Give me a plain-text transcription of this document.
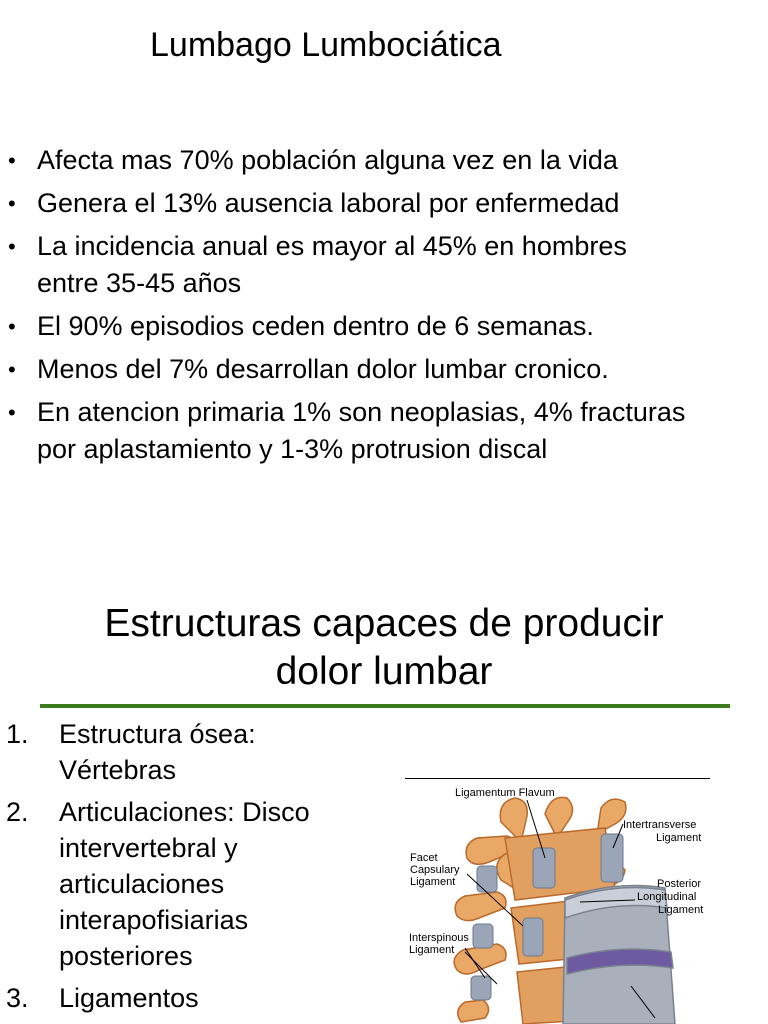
Lumbago Lumbociática
• Afecta mas 70% población alguna vez en la vida
• Genera el 13% ausencia laboral por enfermedad
• La incidencia anual es mayor al 45% en hombres
entre 35-45 años
• El 90% episodios ceden dentro de 6 semanas.
• Menos del 7% desarrollan dolor lumbar cronico.
• En atencion primaria 1% son neoplasias, 4% fracturas
por aplastamiento y 1-3% protrusion discal
Estructuras capaces de producir
dolor lumbar
1. Estructura ósea:
Vértebras
2. Articulaciones: Disco
intervertebral y
articulaciones
interapofisiarias
posteriores
3. Ligamentos
Ligamentum Flavum
Intertransverse
Ligament
Facet
Capsulary
Ligament	Posterior
Longitudinal
Ligament
Interspinous
Ligament
